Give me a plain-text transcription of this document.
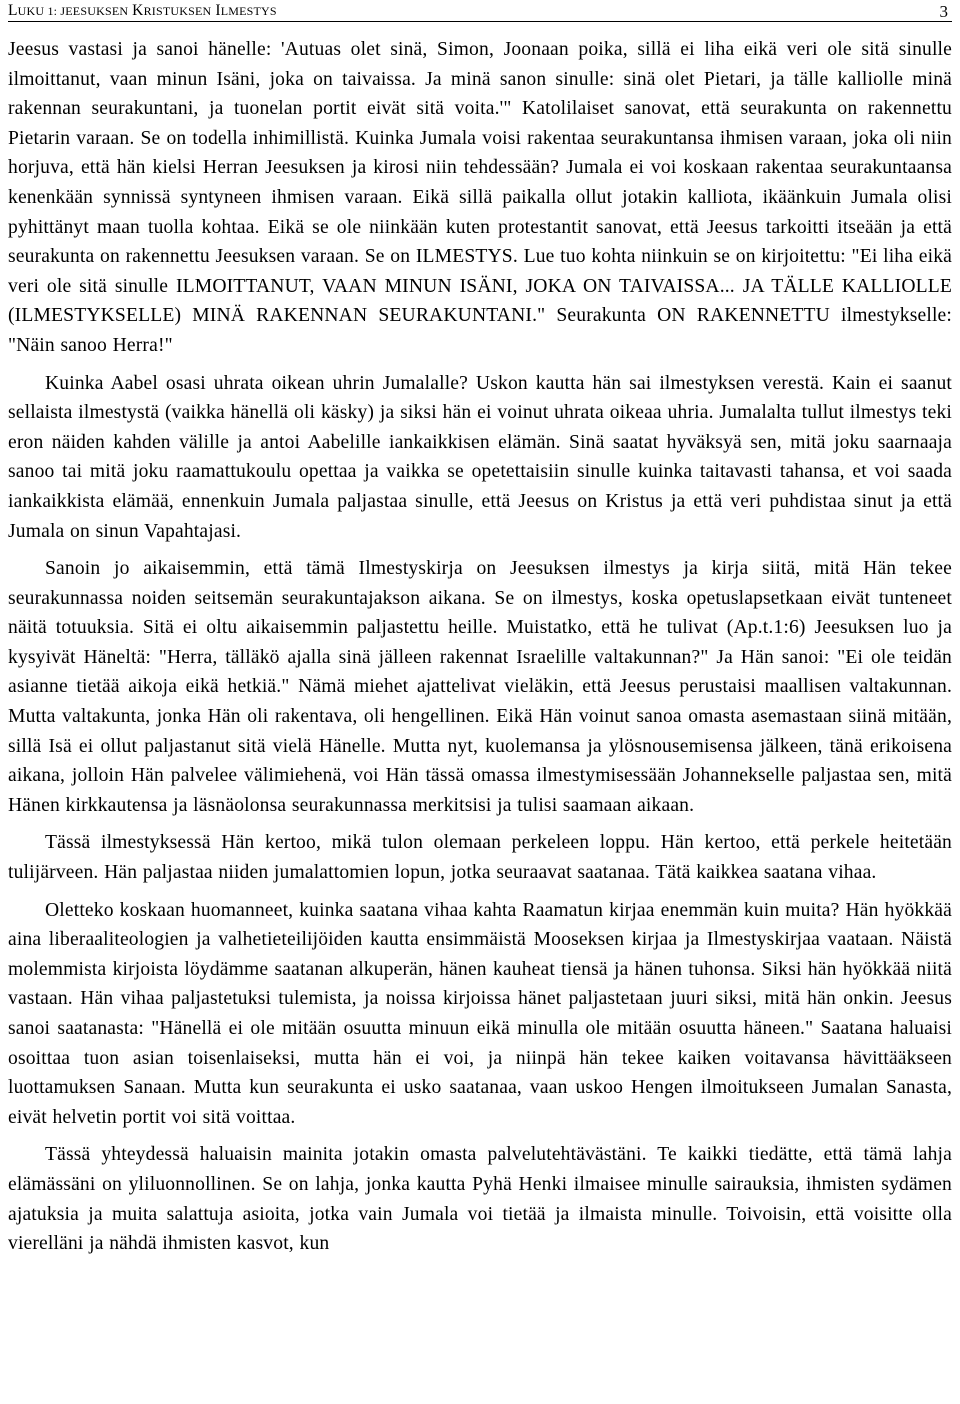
LUKU 1: JEESUKSEN KRISTUKSEN ILMESTYS	3

Jeesus vastasi ja sanoi hänelle: 'Autuas olet sinä, Simon, Joonaan poika, sillä ei liha eikä veri ole sitä sinulle ilmoittanut, vaan minun Isäni, joka on taivaissa. Ja minä sanon sinulle: sinä olet Pietari, ja tälle kalliolle minä rakennan seurakuntani, ja tuonelan portit eivät sitä voita.'" Katolilaiset sanovat, että seurakunta on rakennettu Pietarin varaan. Se on todella inhimillistä. Kuinka Jumala voisi rakentaa seurakuntansa ihmisen varaan, joka oli niin horjuva, että hän kielsi Herran Jeesuksen ja kirosi niin tehdessään? Jumala ei voi koskaan rakentaa seurakuntaansa kenenkään synnissä syntyneen ihmisen varaan. Eikä sillä paikalla ollut jotakin kalliota, ikäänkuin Jumala olisi pyhittänyt maan tuolla kohtaa. Eikä se ole niinkään kuten protestantit sanovat, että Jeesus tarkoitti itseään ja että seurakunta on rakennettu Jeesuksen varaan. Se on ILMESTYS. Lue tuo kohta niinkuin se on kirjoitettu: "Ei liha eikä veri ole sitä sinulle ILMOITTANUT, VAAN MINUN ISÄNI, JOKA ON TAIVAISSA... JA TÄLLE KALLIOLLE (ILMESTYKSELLE) MINÄ RAKENNAN SEURAKUNTANI." Seurakunta ON RAKENNETTU ilmestykselle: "Näin sanoo Herra!"

Kuinka Aabel osasi uhrata oikean uhrin Jumalalle? Uskon kautta hän sai ilmestyksen verestä. Kain ei saanut sellaista ilmestystä (vaikka hänellä oli käsky) ja siksi hän ei voinut uhrata oikeaa uhria. Jumalalta tullut ilmestys teki eron näiden kahden välille ja antoi Aabelille iankaikkisen elämän. Sinä saatat hyväksyä sen, mitä joku saarnaaja sanoo tai mitä joku raamattukoulu opettaa ja vaikka se opetettaisiin sinulle kuinka taitavasti tahansa, et voi saada iankaikkista elämää, ennenkuin Jumala paljastaa sinulle, että Jeesus on Kristus ja että veri puhdistaa sinut ja että Jumala on sinun Vapahtajasi.

Sanoin jo aikaisemmin, että tämä Ilmestyskirja on Jeesuksen ilmestys ja kirja siitä, mitä Hän tekee seurakunnassa noiden seitsemän seurakuntajakson aikana. Se on ilmestys, koska opetuslapsetkaan eivät tunteneet näitä totuuksia. Sitä ei oltu aikaisemmin paljastettu heille. Muistatko, että he tulivat (Ap.t.1:6) Jeesuksen luo ja kysyivät Häneltä: "Herra, tälläkö ajalla sinä jälleen rakennat Israelille valtakunnan?" Ja Hän sanoi: "Ei ole teidän asianne tietää aikoja eikä hetkiä." Nämä miehet ajattelivat vieläkin, että Jeesus perustaisi maallisen valtakunnan. Mutta valtakunta, jonka Hän oli rakentava, oli hengellinen. Eikä Hän voinut sanoa omasta asemastaan siinä mitään, sillä Isä ei ollut paljastanut sitä vielä Hänelle. Mutta nyt, kuolemansa ja ylösnousemisensa jälkeen, tänä erikoisena aikana, jolloin Hän palvelee välimiehenä, voi Hän tässä omassa ilmestymisessään Johannekselle paljastaa sen, mitä Hänen kirkkautensa ja läsnäolonsa seurakunnassa merkitsisi ja tulisi saamaan aikaan.

Tässä ilmestyksessä Hän kertoo, mikä tulon olemaan perkeleen loppu. Hän kertoo, että perkele heitetään tulijärveen. Hän paljastaa niiden jumalattomien lopun, jotka seuraavat saatanaa. Tätä kaikkea saatana vihaa.

Oletteko koskaan huomanneet, kuinka saatana vihaa kahta Raamatun kirjaa enemmän kuin muita? Hän hyökkää aina liberaaliteologien ja valhetieteilijöiden kautta ensimmäistä Mooseksen kirjaa ja Ilmestyskirjaa vaataan. Näistä molemmista kirjoista löydämme saatanan alkuperän, hänen kauheat tiensä ja hänen tuhonsa. Siksi hän hyökkää niitä vastaan. Hän vihaa paljastetuksi tulemista, ja noissa kirjoissa hänet paljastetaan juuri siksi, mitä hän onkin. Jeesus sanoi saatanasta: "Hänellä ei ole mitään osuutta minuun eikä minulla ole mitään osuutta häneen." Saatana haluaisi osoittaa tuon asian toisenlaiseksi, mutta hän ei voi, ja niinpä hän tekee kaiken voitavansa hävittääkseen luottamuksen Sanaan. Mutta kun seurakunta ei usko saatanaa, vaan uskoo Hengen ilmoitukseen Jumalan Sanasta, eivät helvetin portit voi sitä voittaa.

Tässä yhteydessä haluaisin mainita jotakin omasta palvelutehtävästäni. Te kaikki tiedätte, että tämä lahja elämässäni on yliluonnollinen. Se on lahja, jonka kautta Pyhä Henki ilmaisee minulle sairauksia, ihmisten sydämen ajatuksia ja muita salattuja asioita, jotka vain Jumala voi tietää ja ilmaista minulle. Toivoisin, että voisitte olla vierelläni ja nähdä ihmisten kasvot, kun
